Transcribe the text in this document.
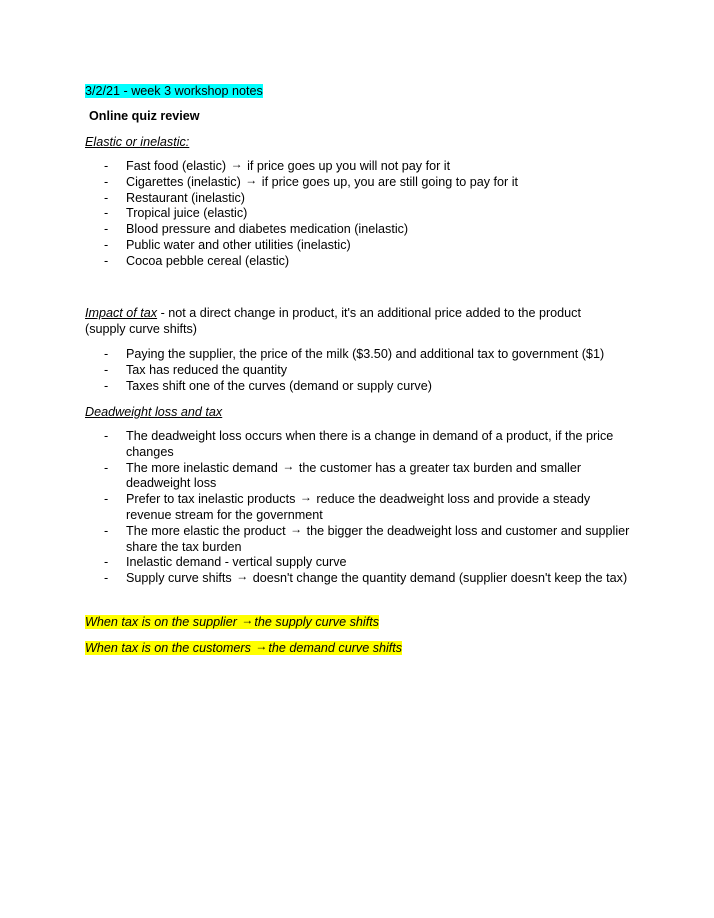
3/2/21 - week 3 workshop notes
Online quiz review
Elastic or inelastic:
- Fast food (elastic) → if price goes up you will not pay for it
- Cigarettes (inelastic) → if price goes up, you are still going to pay for it
- Restaurant (inelastic)
- Tropical juice (elastic)
- Blood pressure and diabetes medication (inelastic)
- Public water and other utilities (inelastic)
- Cocoa pebble cereal (elastic)
Impact of tax - not a direct change in product, it's an additional price added to the product (supply curve shifts)
- Paying the supplier, the price of the milk ($3.50) and additional tax to government ($1)
- Tax has reduced the quantity
- Taxes shift one of the curves (demand or supply curve)
Deadweight loss and tax
- The deadweight loss occurs when there is a change in demand of a product, if the price changes
- The more inelastic demand → the customer has a greater tax burden and smaller deadweight loss
- Prefer to tax inelastic products → reduce the deadweight loss and provide a steady revenue stream for the government
- The more elastic the product → the bigger the deadweight loss and customer and supplier share the tax burden
- Inelastic demand - vertical supply curve
- Supply curve shifts → doesn't change the quantity demand (supplier doesn't keep the tax)
When tax is on the supplier →the supply curve shifts
When tax is on the customers →the demand curve shifts
